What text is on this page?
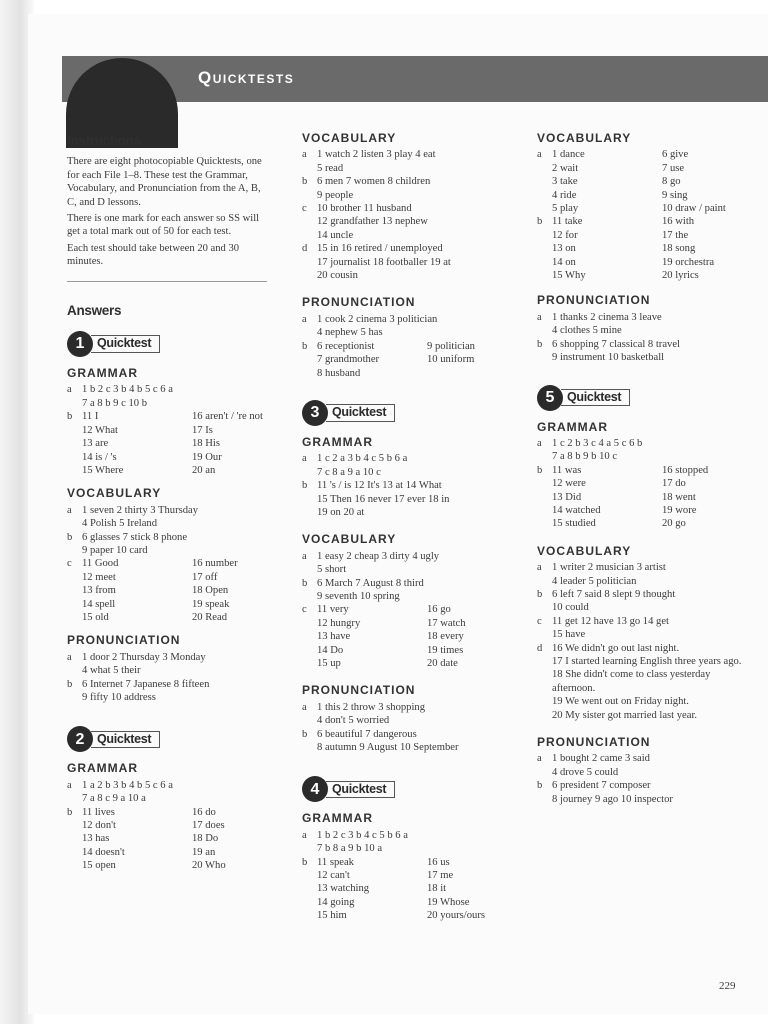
Quicktests
Instructions

There are eight photocopiable Quicktests, one for each File 1–8. These test the Grammar, Vocabulary, and Pronunciation from the A, B, C, and D lessons.

There is one mark for each answer so SS will get a total mark out of 50 for each test.

Each test should take between 20 and 30 minutes.

Answers
1	Quicktest
GRAMMAR
a 1 b 2 c 3 b 4 b 5 c 6 a
7 a 8 b 9 c 10 b
b 11 I	16 aren't / 're not
12 What	17 Is
13 are	18 His
14 is / 's	19 Our
15 Where	20 an
VOCABULARY
a 1 seven 2 thirty 3 Thursday
4 Polish 5 Ireland
b 6 glasses 7 stick 8 phone
9 paper 10 card
c 11 Good	16 number
12 meet	17 off
13 from	18 Open
14 spell	19 speak
15 old	20 Read
PRONUNCIATION
a 1 door 2 Thursday 3 Monday
4 what 5 their
b 6 Internet 7 Japanese 8 fifteen
9 fifty 10 address
2	Quicktest
GRAMMAR
a 1 a 2 b 3 b 4 b 5 c 6 a
7 a 8 c 9 a 10 a
b 11 lives	16 do
12 don't	17 does
13 has	18 Do
14 doesn't	19 an
15 open	20 Who
VOCABULARY
a 1 watch 2 listen 3 play 4 eat
5 read
b 6 men 7 women 8 children
9 people
c 10 brother 11 husband
12 grandfather 13 nephew
14 uncle
d 15 in 16 retired / unemployed
17 journalist 18 footballer 19 at
20 cousin
PRONUNCIATION
a 1 cook 2 cinema 3 politician
4 nephew 5 has
b 6 receptionist	9 politician
7 grandmother	10 uniform
8 husband
3	Quicktest
GRAMMAR
a 1 c 2 a 3 b 4 c 5 b 6 a
7 c 8 a 9 a 10 c
b 11 's / is 12 It's 13 at 14 What
15 Then 16 never 17 ever 18 in
19 on 20 at
VOCABULARY
a 1 easy 2 cheap 3 dirty 4 ugly
5 short
b 6 March 7 August 8 third
9 seventh 10 spring
c 11 very	16 go
12 hungry	17 watch
13 have	18 every
14 Do	19 times
15 up	20 date
PRONUNCIATION
a 1 this 2 throw 3 shopping
4 don't 5 worried
b 6 beautiful 7 dangerous
8 autumn 9 August 10 September
4	Quicktest
GRAMMAR
a 1 b 2 c 3 b 4 c 5 b 6 a
7 b 8 a 9 b 10 a
b 11 speak	16 us
12 can't	17 me
13 watching	18 it
14 going	19 Whose
15 him	20 yours/ours
VOCABULARY
a 1 dance	6 give
2 wait	7 use
3 take	8 go
4 ride	9 sing
5 play	10 draw / paint
b 11 take	16 with
12 for	17 the
13 on	18 song
14 on	19 orchestra
15 Why	20 lyrics
PRONUNCIATION
a 1 thanks 2 cinema 3 leave
4 clothes 5 mine
b 6 shopping 7 classical 8 travel
9 instrument 10 basketball
5	Quicktest
GRAMMAR
a 1 c 2 b 3 c 4 a 5 c 6 b
7 a 8 b 9 b 10 c
b 11 was	16 stopped
12 were	17 do
13 Did	18 went
14 watched	19 wore
15 studied	20 go
VOCABULARY
a 1 writer 2 musician 3 artist
4 leader 5 politician
b 6 left 7 said 8 slept 9 thought
10 could
c 11 get 12 have 13 go 14 get
15 have
d 16 We didn't go out last night.
17 I started learning English three years ago.
18 She didn't come to class yesterday afternoon.
19 We went out on Friday night.
20 My sister got married last year.
PRONUNCIATION
a 1 bought 2 came 3 said
4 drove 5 could
b 6 president 7 composer
8 journey 9 ago 10 inspector
229
